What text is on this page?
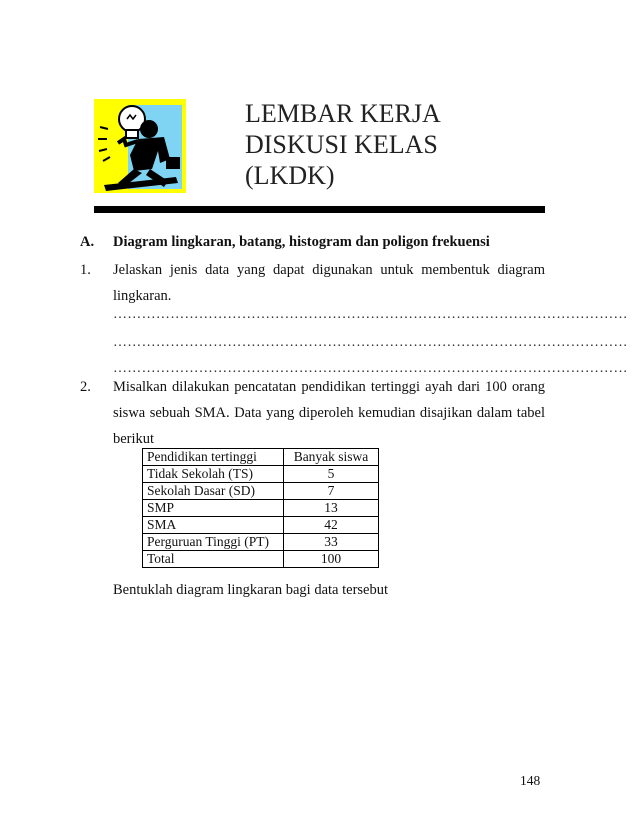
LEMBAR KERJA
DISKUSI KELAS
(LKDK)
A. Diagram lingkaran, batang, histogram dan poligon frekuensi
1. Jelaskan jenis data yang dapat digunakan untuk membentuk diagram lingkaran.
………………………………………………………………………………………………
………………………………………………………………………………………………
………………………………………………………………………………………………
2. Misalkan dilakukan pencatatan pendidikan tertinggi ayah dari 100 orang siswa sebuah SMA. Data yang diperoleh kemudian disajikan dalam tabel berikut
Pendidikan tertinggi	Banyak siswa
Tidak Sekolah (TS)	5
Sekolah Dasar (SD)	7
SMP	13
SMA	42
Perguruan Tinggi (PT)	33
Total	100
Bentuklah diagram lingkaran bagi data tersebut
148
